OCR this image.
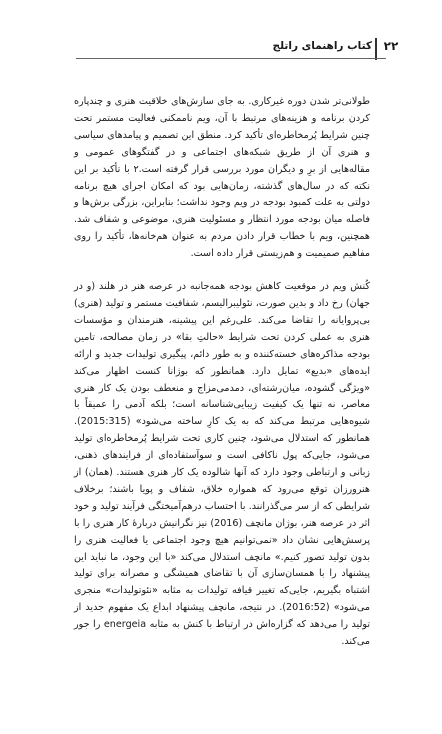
۲۲
کتاب راهنمای راتلج

طولانی‌تر شدن دوره غیرکاری. به جای سازش‌های خلاقیت هنری و چندپاره کردن برنامه و هزینه‌های مرتبط با آن، ویم ناممکنی فعالیت مستمر تحت چنین شرایط پُرمخاطره‌ای تأکید کرد. منطق این تصمیم و پیامدهای سیاسی و هنری آن از طریق شبکه‌های اجتماعی و در گفتگوهای عمومی و مقاله‌هایی از برِ و دیگران مورد بررسی قرار گرفته است.۲ با تأکید بر این نکته که در سال‌های گذشته، زمان‌هایی بود که امکان اجرای هیچ برنامه دولتی به علت کمبود بودجه در ویم وجود نداشت؛ بنابراین، بزرگی برش‌ها و فاصله میان بودجه مورد انتظار و مسئولیت هنری، موضوعی و شفاف شد. همچنین، ویم با خطاب قرار دادن مردم به عنوان هم‌خانه‌ها، تأکید را روی مفاهیم صمیمیت و هم‌زیستی قرار داده است.

کُنش ویم در موقعیت کاهش بودجه همه‌جانبه در عرصه هنر در هلند (و در جهان) رخ داد و بدین صورت، نئولیبرالیسم، شفافیت مستمر و تولید (هنری) بی‌پروایانه را تقاضا می‌کند. علی‌رغم این پیشینه، هنرمندان و مؤسسات هنری به عملی کردن تحت شرایط «حالتِ بقا» در زمان مصالحه، تامین بودجه مذاکره‌های خسته‌کننده و به طور دائم، پیگیری تولیدات جدید و ارائه ایده‌های «بدیع» تمایل دارد. همانطور که بوژانا کنست اظهار می‌کند «ویژگی گشوده، میان‌رشته‌ای، دمدمی‌مزاج و منعطف بودن یک کار هنری معاصر، نه تنها یک کیفیت زیبایی‌شناسانه است؛ بلکه آدمی را عمیقاً با شیوه‌هایی مرتبط می‌کند که به یک کارِ ساخته می‌شود» (2015:315). همانطور که استدلال می‌شود، چنین کاری تحت شرایط پُرمخاطره‌ای تولید می‌شود، جایی‌که پول ناکافی است و سوآستفاده‌ای از فرایندهای ذهنی، زبانی و ارتباطی وجود دارد که آنها شالوده یک کار هنری هستند. (همان) از هنرورزان توقع می‌رود که همواره خلاق، شفاف و پویا باشند؛ برخلاف شرایطی که از سر می‌گذرانند. با احتساب درهم‌آمیختگی فرآیند تولید و خود اثر در عرصه هنر، بوژان مانچف (2016) نیز نگرانیش دربارهٔ کار هنری را با پرسش‌هایی نشان داد «نمی‌توانیم هیچ وجود اجتماعی یا فعالیت هنری را بدون تولید تصور کنیم.» مانچف استدلال می‌کند «با این وجود، ما نباید این پیشنهاد را با همسان‌سازی آن با تقاضای همیشگی و مصرانه برای تولید اشتباه بگیریم، جایی‌که تغییر قیافه تولیدات به مثابه «نئوتولیدات» منجری می‌شود» (2016:52). در نتیجه، مانچف پیشنهاد ابداع یک مفهوم جدید از تولید را می‌دهد که گزاره‌اش در ارتباط با کنش به مثابه energeia را جور می‌کند.
